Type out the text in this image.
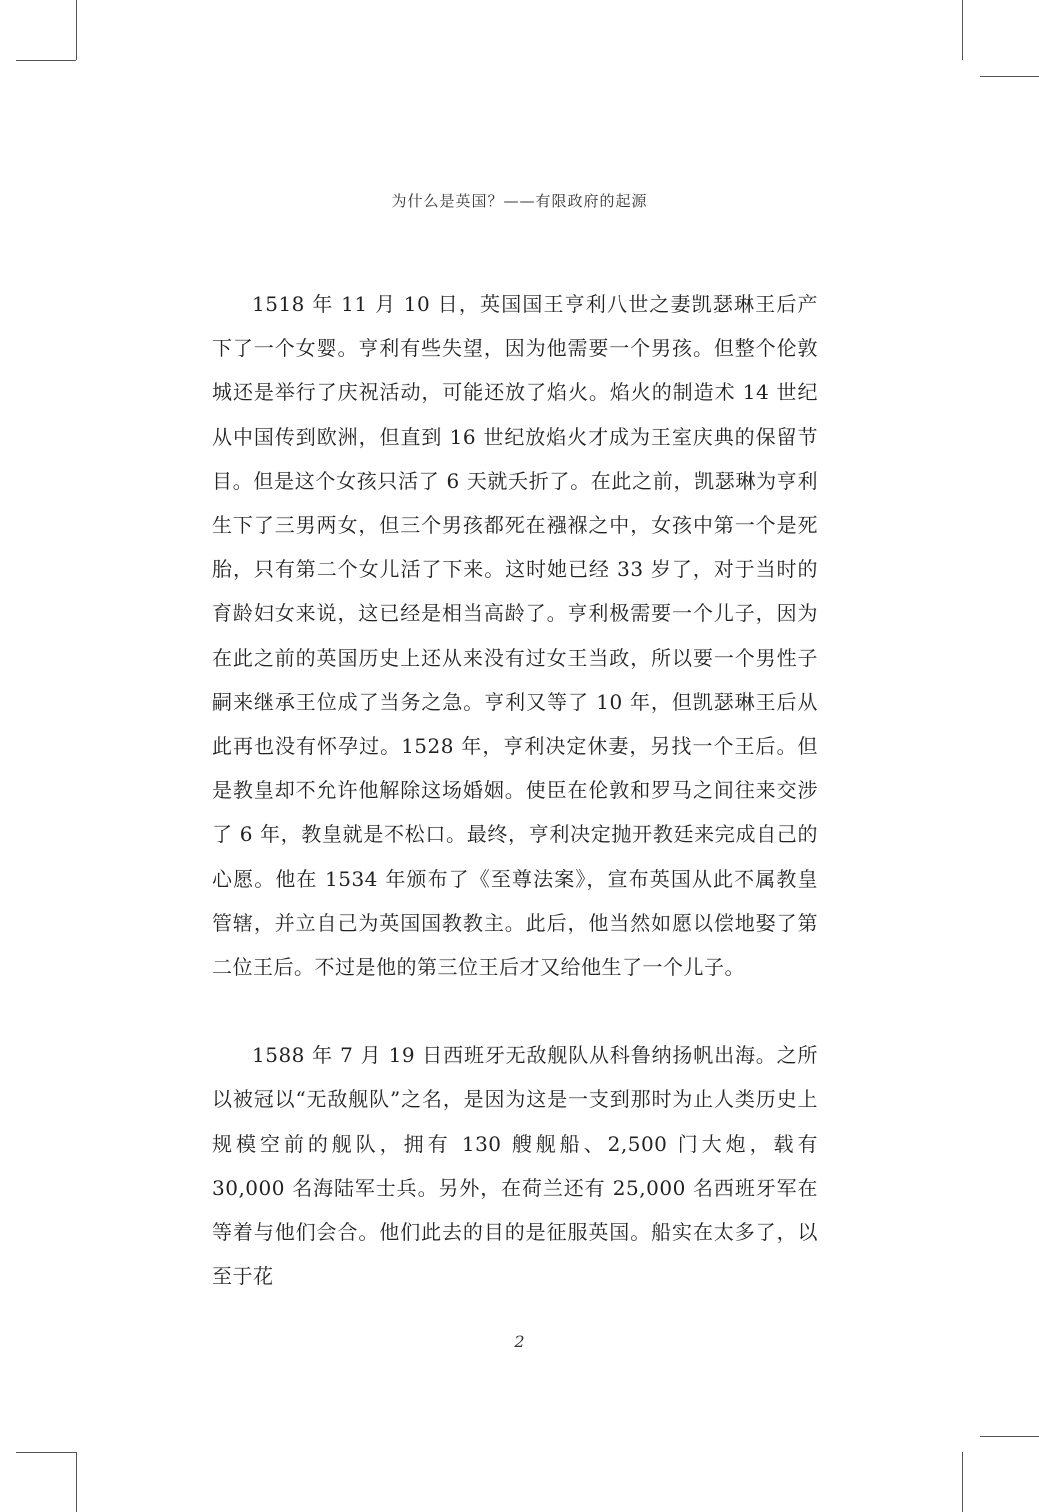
为什么是英国？——有限政府的起源

1518 年 11 月 10 日，英国国王亨利八世之妻凯瑟琳王后产下了一个女婴。亨利有些失望，因为他需要一个男孩。但整个伦敦城还是举行了庆祝活动，可能还放了焰火。焰火的制造术 14 世纪从中国传到欧洲，但直到 16 世纪放焰火才成为王室庆典的保留节目。但是这个女孩只活了 6 天就夭折了。在此之前，凯瑟琳为亨利生下了三男两女，但三个男孩都死在襁褓之中，女孩中第一个是死胎，只有第二个女儿活了下来。这时她已经 33 岁了，对于当时的育龄妇女来说，这已经是相当高龄了。亨利极需要一个儿子，因为在此之前的英国历史上还从来没有过女王当政，所以要一个男性子嗣来继承王位成了当务之急。亨利又等了 10 年，但凯瑟琳王后从此再也没有怀孕过。1528 年，亨利决定休妻，另找一个王后。但是教皇却不允许他解除这场婚姻。使臣在伦敦和罗马之间往来交涉了 6 年，教皇就是不松口。最终，亨利决定抛开教廷来完成自己的心愿。他在 1534 年颁布了《至尊法案》，宣布英国从此不属教皇管辖，并立自己为英国国教教主。此后，他当然如愿以偿地娶了第二位王后。不过是他的第三位王后才又给他生了一个儿子。

1588 年 7 月 19 日西班牙无敌舰队从科鲁纳扬帆出海。之所以被冠以“无敌舰队”之名，是因为这是一支到那时为止人类历史上规模空前的舰队，拥有 130 艘舰船、2,500 门大炮，载有 30,000 名海陆军士兵。另外，在荷兰还有 25,000 名西班牙军在等着与他们会合。他们此去的目的是征服英国。船实在太多了，以至于花

2
